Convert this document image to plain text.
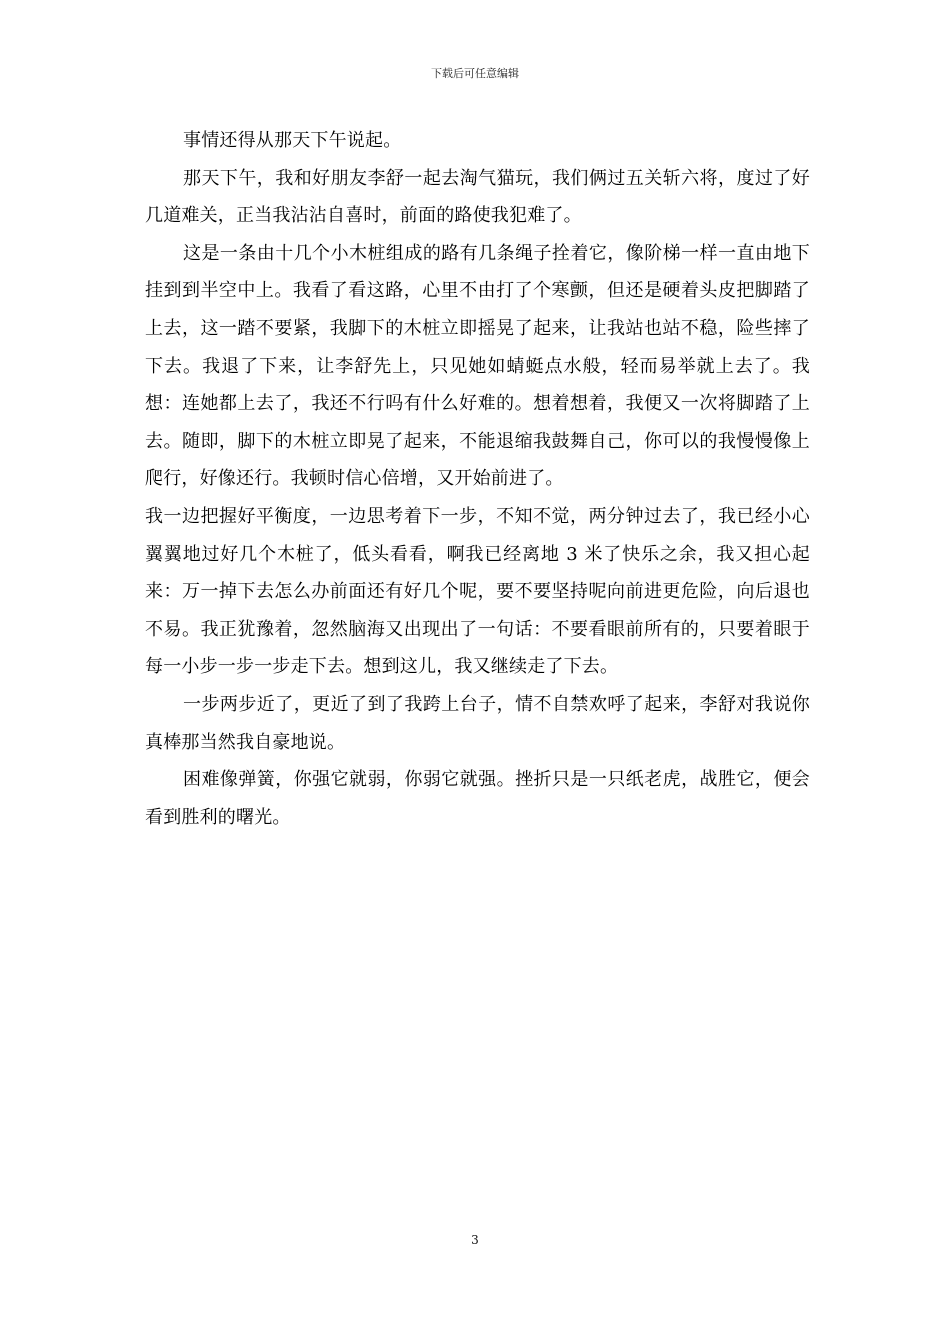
下载后可任意编辑

事情还得从那天下午说起。

那天下午，我和好朋友李舒一起去淘气猫玩，我们俩过五关斩六将，度过了好几道难关，正当我沾沾自喜时，前面的路使我犯难了。

这是一条由十几个小木桩组成的路有几条绳子拴着它，像阶梯一样一直由地下挂到到半空中上。我看了看这路，心里不由打了个寒颤，但还是硬着头皮把脚踏了上去，这一踏不要紧，我脚下的木桩立即摇晃了起来，让我站也站不稳，险些摔了下去。我退了下来，让李舒先上，只见她如蜻蜓点水般，轻而易举就上去了。我想：连她都上去了，我还不行吗有什么好难的。想着想着，我便又一次将脚踏了上去。随即，脚下的木桩立即晃了起来，不能退缩我鼓舞自己，你可以的我慢慢像上爬行，好像还行。我顿时信心倍增，又开始前进了。

我一边把握好平衡度，一边思考着下一步，不知不觉，两分钟过去了，我已经小心翼翼地过好几个木桩了，低头看看，啊我已经离地 3 米了快乐之余，我又担心起来：万一掉下去怎么办前面还有好几个呢，要不要坚持呢向前进更危险，向后退也不易。我正犹豫着，忽然脑海又出现出了一句话：不要看眼前所有的，只要着眼于每一小步一步一步走下去。想到这儿，我又继续走了下去。

一步两步近了，更近了到了我跨上台子，情不自禁欢呼了起来，李舒对我说你真棒那当然我自豪地说。

困难像弹簧，你强它就弱，你弱它就强。挫折只是一只纸老虎，战胜它，便会看到胜利的曙光。

3
